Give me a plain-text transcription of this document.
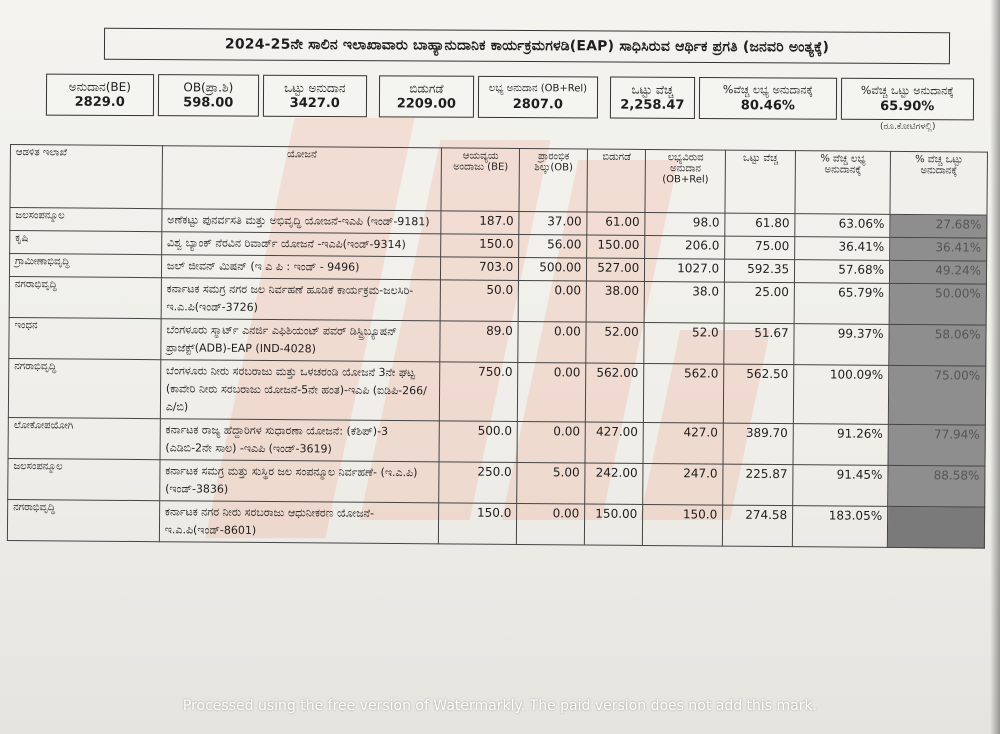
2024-25ನೇ ಸಾಲಿನ ಇಲಾಖಾವಾರು ಬಾಹ್ಯಾನುದಾನಿಕ ಕಾರ್ಯಕ್ರಮಗಳಡಿ(EAP) ಸಾಧಿಸಿರುವ ಆರ್ಥಿಕ ಪ್ರಗತಿ (ಜನವರಿ ಅಂತ್ಯಕ್ಕೆ)
ಅನುದಾನ(BE)
2829.0
OB(ಪ್ರಾ.ಶಿ)
598.00
ಒಟ್ಟು ಅನುದಾನ
3427.0
ಬಿಡುಗಡೆ
2209.00
ಲಭ್ಯ ಅನುದಾನ (OB+Rel)
2807.0
ಒಟ್ಟು ವೆಚ್ಚ
2,258.47
%ವೆಚ್ಚ ಲಭ್ಯ ಅನುದಾನಕ್ಕೆ
80.46%
%ವೆಚ್ಚ ಒಟ್ಟು ಅನುದಾನಕ್ಕೆ
65.90%
(ರೂ.ಕೋಟಿಗಳಲ್ಲಿ)
ಆಡಳಿತ ಇಲಾಖೆ	ಯೋಜನೆ	ಆಯವ್ಯಯ ಅಂದಾಜು (BE)	ಪ್ರಾರಂಭಿಕ ಶಿಲ್ಕು(OB)	ಬಿಡುಗಡೆ	ಲಭ್ಯವಿರುವ ಅನುದಾನ (OB+Rel)	ಒಟ್ಟು ವೆಚ್ಚ	% ವೆಚ್ಚ ಲಭ್ಯ ಅನುದಾನಕ್ಕೆ	% ವೆಚ್ಚ ಒಟ್ಟು ಅನುದಾನಕ್ಕೆ
ಜಲಸಂಪನ್ಮೂಲ	ಅಣೆಕಟ್ಟು ಪುನರ್ವಸತಿ ಮತ್ತು ಅಭಿವೃದ್ಧಿ ಯೋಜನೆ-ಇಎಪಿ (ಇಂಡ್-9181)	187.0	37.00	61.00	98.0	61.80	63.06%	27.68%
ಕೃಷಿ	ವಿಶ್ವ ಬ್ಯಾಂಕ್ ನೆರವಿನ ರಿವಾರ್ಡ್ ಯೋಜನೆ -ಇಎಪಿ(ಇಂಡ್-9314)	150.0	56.00	150.00	206.0	75.00	36.41%	36.41%
ಗ್ರಾಮೀಣಾಭಿವೃದ್ಧಿ	ಜಲ್ ಜೀವನ್ ಮಿಷನ್ (ಇ ಎ ಪಿ : ಇಂಡ್ - 9496)	703.0	500.00	527.00	1027.0	592.35	57.68%	49.24%
ನಗರಾಭಿವೃದ್ಧಿ	ಕರ್ನಾಟಕ ಸಮಗ್ರ ನಗರ ಜಲ ನಿರ್ವಹಣೆ ಹೂಡಿಕೆ ಕಾರ್ಯಕ್ರಮ-ಜಲಸಿರಿ-ಇ.ಎ.ಪಿ(ಇಂಡ್-3726)	50.0	0.00	38.00	38.0	25.00	65.79%	50.00%
ಇಂಧನ	ಬೆಂಗಳೂರು ಸ್ಮಾರ್ಟ್ ಎನರ್ಜಿ ಎಫಿಶಿಯಂಟ್ ಪವರ್ ಡಿಸ್ಟ್ರಿಬ್ಯೂಷನ್ ಪ್ರಾಜೆಕ್ಟ್(ADB)-EAP (IND-4028)	89.0	0.00	52.00	52.0	51.67	99.37%	58.06%
ನಗರಾಭಿವೃದ್ಧಿ	ಬೆಂಗಳೂರು ನೀರು ಸರಬರಾಜು ಮತ್ತು ಒಳಚರಂಡಿ ಯೋಜನೆ 3ನೇ ಘಟ್ಟ (ಕಾವೇರಿ ನೀರು ಸರಬರಾಜು ಯೋಜನೆ-5ನೇ ಹಂತ)-ಇಎಪಿ (ಐಡಿಪಿ-266/ಎ/ಬಿ)	750.0	0.00	562.00	562.0	562.50	100.09%	75.00%
ಲೋಕೋಪಯೋಗಿ	ಕರ್ನಾಟಕ ರಾಜ್ಯ ಹೆದ್ದಾರಿಗಳ ಸುಧಾರಣಾ ಯೋಜನೆ: (ಕೆಶಿಪ್)-3 (ಎಡಿಬಿ-2ನೇ ಸಾಲ) -ಇಎಪಿ (ಇಂಡ್-3619)	500.0	0.00	427.00	427.0	389.70	91.26%	77.94%
ಜಲಸಂಪನ್ಮೂಲ	ಕರ್ನಾಟಕ ಸಮಗ್ರ ಮತ್ತು ಸುಸ್ಥಿರ ಜಲ ಸಂಪನ್ಮೂಲ ನಿರ್ವಹಣೆ- (ಇ.ಎ.ಪಿ) (ಇಂಡ್-3836)	250.0	5.00	242.00	247.0	225.87	91.45%	88.58%
ನಗರಾಭಿವೃದ್ಧಿ	ಕರ್ನಾಟಕ ನಗರ ನೀರು ಸರಬರಾಜು ಆಧುನೀಕರಣ ಯೋಜನೆ-ಇ.ಎ.ಪಿ(ಇಂಡ್-8601)	150.0	0.00	150.00	150.0	274.58	183.05%	
Processed using the free version of Watermarkly. The paid version does not add this mark.
